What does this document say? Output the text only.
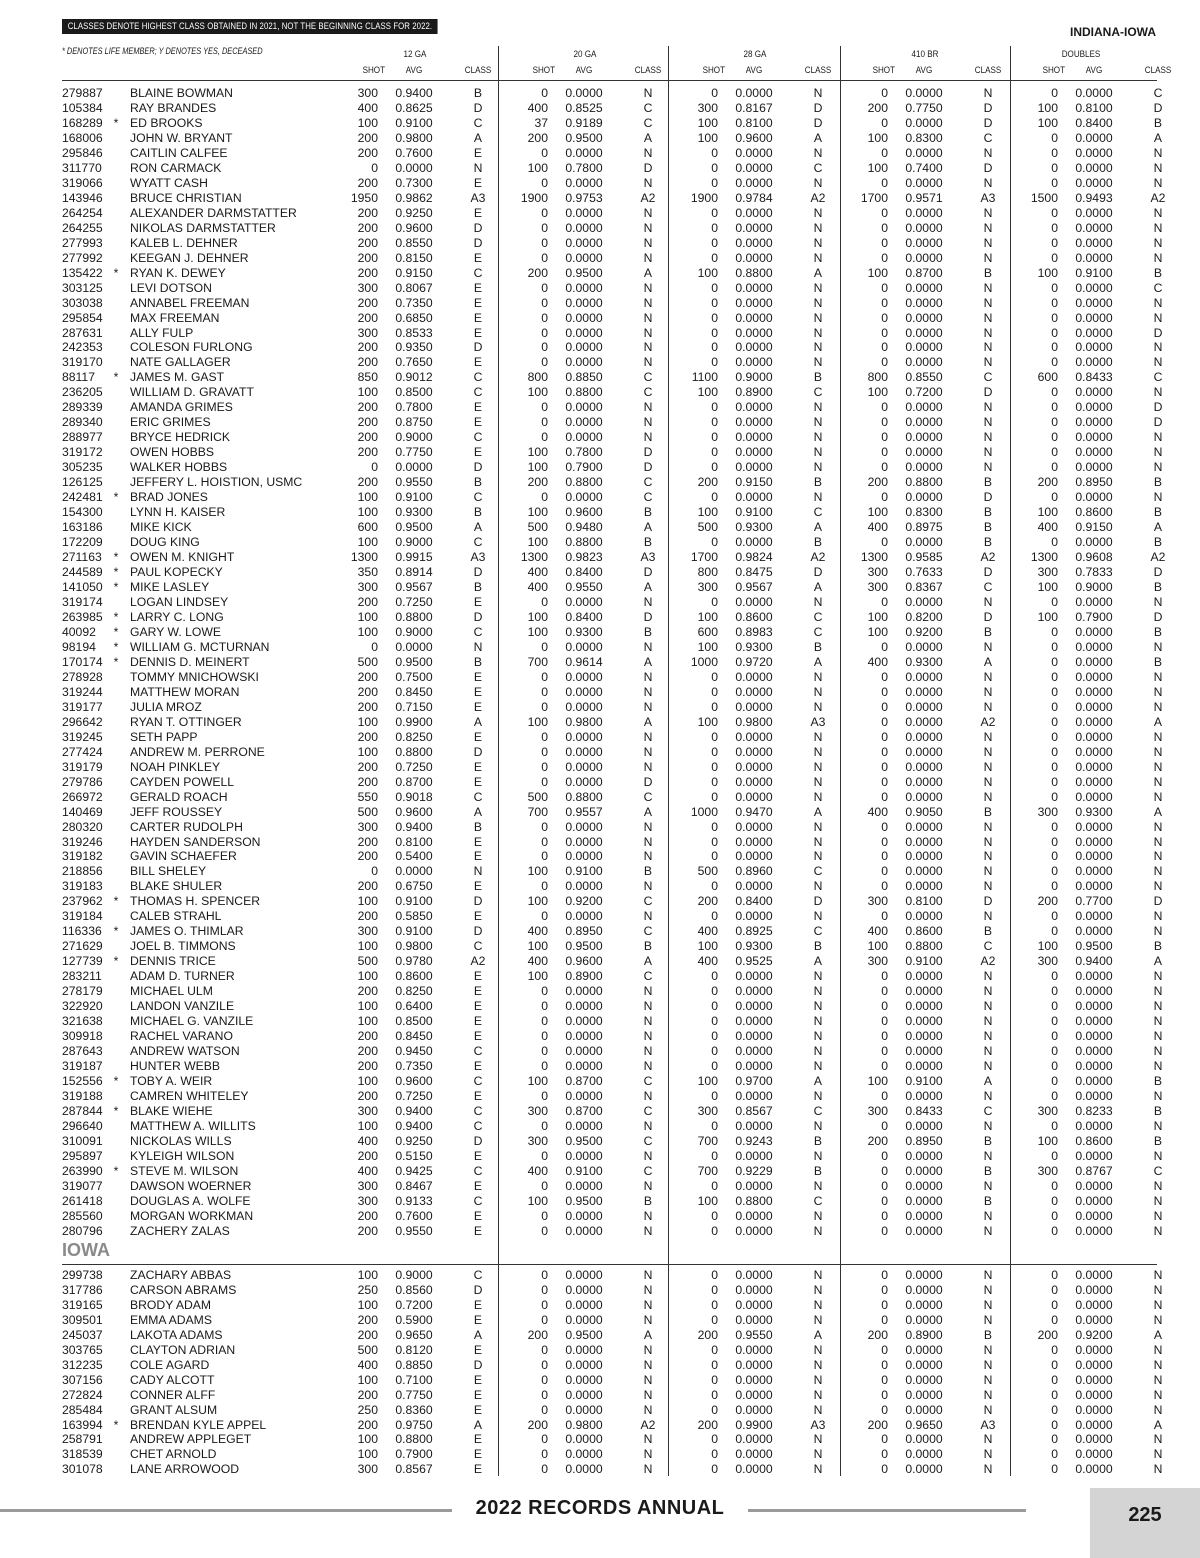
CLASSES DENOTE HIGHEST CLASS OBTAINED IN 2021, NOT THE BEGINNING CLASS FOR 2022.	INDIANA-IOWA
* DENOTES LIFE MEMBER; Y DENOTES YES, DECEASED	12 GA
SHOT	AVG	CLASS
20 GA
SHOT	AVG	CLASS
28 GA
SHOT	AVG	CLASS
410 BR
SHOT	AVG	CLASS
DOUBLES
SHOT	AVG	CLASS
279887 BLAINE BOWMAN	300	0.9400	B	0	0.0000	N	0	0.0000	N	0	0.0000	N	0	0.0000	C
105384 RAY BRANDES	400	0.8625	D	400	0.8525	C	300	0.8167	D	200	0.7750	D	100	0.8100	D
168289 * ED BROOKS	100	0.9100	C	37	0.9189	C	100	0.8100	D	0	0.0000	D	100	0.8400	B
168006 JOHN W. BRYANT	200	0.9800	A	200	0.9500	A	100	0.9600	A	100	0.8300	C	0	0.0000	A
295846 CAITLIN CALFEE	200	0.7600	E	0	0.0000	N	0	0.0000	N	0	0.0000	N	0	0.0000	N
311770 RON CARMACK	0	0.0000	N	100	0.7800	D	0	0.0000	C	100	0.7400	D	0	0.0000	N
319066 WYATT CASH	200	0.7300	E	0	0.0000	N	0	0.0000	N	0	0.0000	N	0	0.0000	N
143946 BRUCE CHRISTIAN	1950	0.9862	A3	1900	0.9753	A2	1900	0.9784	A2	1700	0.9571	A3	1500	0.9493	A2
264254 ALEXANDER DARMSTATTER	200	0.9250	E	0	0.0000	N	0	0.0000	N	0	0.0000	N	0	0.0000	N
264255 NIKOLAS DARMSTATTER	200	0.9600	D	0	0.0000	N	0	0.0000	N	0	0.0000	N	0	0.0000	N
277993 KALEB L. DEHNER	200	0.8550	D	0	0.0000	N	0	0.0000	N	0	0.0000	N	0	0.0000	N
277992 KEEGAN J. DEHNER	200	0.8150	E	0	0.0000	N	0	0.0000	N	0	0.0000	N	0	0.0000	N
135422 * RYAN K. DEWEY	200	0.9150	C	200	0.9500	A	100	0.8800	A	100	0.8700	B	100	0.9100	B
303125 LEVI DOTSON	300	0.8067	E	0	0.0000	N	0	0.0000	N	0	0.0000	N	0	0.0000	C
303038 ANNABEL FREEMAN	200	0.7350	E	0	0.0000	N	0	0.0000	N	0	0.0000	N	0	0.0000	N
295854 MAX FREEMAN	200	0.6850	E	0	0.0000	N	0	0.0000	N	0	0.0000	N	0	0.0000	N
287631 ALLY FULP	300	0.8533	E	0	0.0000	N	0	0.0000	N	0	0.0000	N	0	0.0000	D
242353 COLESON FURLONG	200	0.9350	D	0	0.0000	N	0	0.0000	N	0	0.0000	N	0	0.0000	N
319170 NATE GALLAGER	200	0.7650	E	0	0.0000	N	0	0.0000	N	0	0.0000	N	0	0.0000	N
88117 * JAMES M. GAST	850	0.9012	C	800	0.8850	C	1100	0.9000	B	800	0.8550	C	600	0.8433	C
236205 WILLIAM D. GRAVATT	100	0.8500	C	100	0.8800	C	100	0.8900	C	100	0.7200	D	0	0.0000	N
289339 AMANDA GRIMES	200	0.7800	E	0	0.0000	N	0	0.0000	N	0	0.0000	N	0	0.0000	D
289340 ERIC GRIMES	200	0.8750	E	0	0.0000	N	0	0.0000	N	0	0.0000	N	0	0.0000	D
288977 BRYCE HEDRICK	200	0.9000	C	0	0.0000	N	0	0.0000	N	0	0.0000	N	0	0.0000	N
319172 OWEN HOBBS	200	0.7750	E	100	0.7800	D	0	0.0000	N	0	0.0000	N	0	0.0000	N
305235 WALKER HOBBS	0	0.0000	D	100	0.7900	D	0	0.0000	N	0	0.0000	N	0	0.0000	N
126125 JEFFERY L. HOISTION, USMC	200	0.9550	B	200	0.8800	C	200	0.9150	B	200	0.8800	B	200	0.8950	B
242481 * BRAD JONES	100	0.9100	C	0	0.0000	C	0	0.0000	N	0	0.0000	D	0	0.0000	N
154300 LYNN H. KAISER	100	0.9300	B	100	0.9600	B	100	0.9100	C	100	0.8300	B	100	0.8600	B
163186 MIKE KICK	600	0.9500	A	500	0.9480	A	500	0.9300	A	400	0.8975	B	400	0.9150	A
172209 DOUG KING	100	0.9000	C	100	0.8800	B	0	0.0000	B	0	0.0000	B	0	0.0000	B
271163 * OWEN M. KNIGHT	1300	0.9915	A3	1300	0.9823	A3	1700	0.9824	A2	1300	0.9585	A2	1300	0.9608	A2
244589 * PAUL KOPECKY	350	0.8914	D	400	0.8400	D	800	0.8475	D	300	0.7633	D	300	0.7833	D
141050 * MIKE LASLEY	300	0.9567	B	400	0.9550	A	300	0.9567	A	300	0.8367	C	100	0.9000	B
319174 LOGAN LINDSEY	200	0.7250	E	0	0.0000	N	0	0.0000	N	0	0.0000	N	0	0.0000	N
263985 * LARRY C. LONG	100	0.8800	D	100	0.8400	D	100	0.8600	C	100	0.8200	D	100	0.7900	D
40092 * GARY W. LOWE	100	0.9000	C	100	0.9300	B	600	0.8983	C	100	0.9200	B	0	0.0000	B
98194 * WILLIAM G. MCTURNAN	0	0.0000	N	0	0.0000	N	100	0.9300	B	0	0.0000	N	0	0.0000	N
170174 * DENNIS D. MEINERT	500	0.9500	B	700	0.9614	A	1000	0.9720	A	400	0.9300	A	0	0.0000	B
278928 TOMMY MNICHOWSKI	200	0.7500	E	0	0.0000	N	0	0.0000	N	0	0.0000	N	0	0.0000	N
319244 MATTHEW MORAN	200	0.8450	E	0	0.0000	N	0	0.0000	N	0	0.0000	N	0	0.0000	N
319177 JULIA MROZ	200	0.7150	E	0	0.0000	N	0	0.0000	N	0	0.0000	N	0	0.0000	N
296642 RYAN T. OTTINGER	100	0.9900	A	100	0.9800	A	100	0.9800	A3	0	0.0000	A2	0	0.0000	A
319245 SETH PAPP	200	0.8250	E	0	0.0000	N	0	0.0000	N	0	0.0000	N	0	0.0000	N
277424 ANDREW M. PERRONE	100	0.8800	D	0	0.0000	N	0	0.0000	N	0	0.0000	N	0	0.0000	N
319179 NOAH PINKLEY	200	0.7250	E	0	0.0000	N	0	0.0000	N	0	0.0000	N	0	0.0000	N
279786 CAYDEN POWELL	200	0.8700	E	0	0.0000	D	0	0.0000	N	0	0.0000	N	0	0.0000	N
266972 GERALD ROACH	550	0.9018	C	500	0.8800	C	0	0.0000	N	0	0.0000	N	0	0.0000	N
140469 JEFF ROUSSEY	500	0.9600	A	700	0.9557	A	1000	0.9470	A	400	0.9050	B	300	0.9300	A
280320 CARTER RUDOLPH	300	0.9400	B	0	0.0000	N	0	0.0000	N	0	0.0000	N	0	0.0000	N
319246 HAYDEN SANDERSON	200	0.8100	E	0	0.0000	N	0	0.0000	N	0	0.0000	N	0	0.0000	N
319182 GAVIN SCHAEFER	200	0.5400	E	0	0.0000	N	0	0.0000	N	0	0.0000	N	0	0.0000	N
218856 BILL SHELEY	0	0.0000	N	100	0.9100	B	500	0.8960	C	0	0.0000	N	0	0.0000	N
319183 BLAKE SHULER	200	0.6750	E	0	0.0000	N	0	0.0000	N	0	0.0000	N	0	0.0000	N
237962 * THOMAS H. SPENCER	100	0.9100	D	100	0.9200	C	200	0.8400	D	300	0.8100	D	200	0.7700	D
319184 CALEB STRAHL	200	0.5850	E	0	0.0000	N	0	0.0000	N	0	0.0000	N	0	0.0000	N
116336 * JAMES O. THIMLAR	300	0.9100	D	400	0.8950	C	400	0.8925	C	400	0.8600	B	0	0.0000	N
271629 JOEL B. TIMMONS	100	0.9800	C	100	0.9500	B	100	0.9300	B	100	0.8800	C	100	0.9500	B
127739 * DENNIS TRICE	500	0.9780	A2	400	0.9600	A	400	0.9525	A	300	0.9100	A2	300	0.9400	A
283211 ADAM D. TURNER	100	0.8600	E	100	0.8900	C	0	0.0000	N	0	0.0000	N	0	0.0000	N
278179 MICHAEL ULM	200	0.8250	E	0	0.0000	N	0	0.0000	N	0	0.0000	N	0	0.0000	N
322920 LANDON VANZILE	100	0.6400	E	0	0.0000	N	0	0.0000	N	0	0.0000	N	0	0.0000	N
321638 MICHAEL G. VANZILE	100	0.8500	E	0	0.0000	N	0	0.0000	N	0	0.0000	N	0	0.0000	N
309918 RACHEL VARANO	200	0.8450	E	0	0.0000	N	0	0.0000	N	0	0.0000	N	0	0.0000	N
287643 ANDREW WATSON	200	0.9450	C	0	0.0000	N	0	0.0000	N	0	0.0000	N	0	0.0000	N
319187 HUNTER WEBB	200	0.7350	E	0	0.0000	N	0	0.0000	N	0	0.0000	N	0	0.0000	N
152556 * TOBY A. WEIR	100	0.9600	C	100	0.8700	C	100	0.9700	A	100	0.9100	A	0	0.0000	B
319188 CAMREN WHITELEY	200	0.7250	E	0	0.0000	N	0	0.0000	N	0	0.0000	N	0	0.0000	N
287844 * BLAKE WIEHE	300	0.9400	C	300	0.8700	C	300	0.8567	C	300	0.8433	C	300	0.8233	B
296640 MATTHEW A. WILLITS	100	0.9400	C	0	0.0000	N	0	0.0000	N	0	0.0000	N	0	0.0000	N
310091 NICKOLAS WILLS	400	0.9250	D	300	0.9500	C	700	0.9243	B	200	0.8950	B	100	0.8600	B
295897 KYLEIGH WILSON	200	0.5150	E	0	0.0000	N	0	0.0000	N	0	0.0000	N	0	0.0000	N
263990 * STEVE M. WILSON	400	0.9425	C	400	0.9100	C	700	0.9229	B	0	0.0000	B	300	0.8767	C
319077 DAWSON WOERNER	300	0.8467	E	0	0.0000	N	0	0.0000	N	0	0.0000	N	0	0.0000	N
261418 DOUGLAS A. WOLFE	300	0.9133	C	100	0.9500	B	100	0.8800	C	0	0.0000	B	0	0.0000	N
285560 MORGAN WORKMAN	200	0.7600	E	0	0.0000	N	0	0.0000	N	0	0.0000	N	0	0.0000	N
280796 ZACHERY ZALAS	200	0.9550	E	0	0.0000	N	0	0.0000	N	0	0.0000	N	0	0.0000	N
IOWA
299738 ZACHARY ABBAS	100	0.9000	C	0	0.0000	N	0	0.0000	N	0	0.0000	N	0	0.0000	N
317786 CARSON ABRAMS	250	0.8560	D	0	0.0000	N	0	0.0000	N	0	0.0000	N	0	0.0000	N
319165 BRODY ADAM	100	0.7200	E	0	0.0000	N	0	0.0000	N	0	0.0000	N	0	0.0000	N
309501 EMMA ADAMS	200	0.5900	E	0	0.0000	N	0	0.0000	N	0	0.0000	N	0	0.0000	N
245037 LAKOTA ADAMS	200	0.9650	A	200	0.9500	A	200	0.9550	A	200	0.8900	B	200	0.9200	A
303765 CLAYTON ADRIAN	500	0.8120	E	0	0.0000	N	0	0.0000	N	0	0.0000	N	0	0.0000	N
312235 COLE AGARD	400	0.8850	D	0	0.0000	N	0	0.0000	N	0	0.0000	N	0	0.0000	N
307156 CADY ALCOTT	100	0.7100	E	0	0.0000	N	0	0.0000	N	0	0.0000	N	0	0.0000	N
272824 CONNER ALFF	200	0.7750	E	0	0.0000	N	0	0.0000	N	0	0.0000	N	0	0.0000	N
285484 GRANT ALSUM	250	0.8360	E	0	0.0000	N	0	0.0000	N	0	0.0000	N	0	0.0000	N
163994 * BRENDAN KYLE APPEL	200	0.9750	A	200	0.9800	A2	200	0.9900	A3	200	0.9650	A3	0	0.0000	A
258791 ANDREW APPLEGET	100	0.8800	E	0	0.0000	N	0	0.0000	N	0	0.0000	N	0	0.0000	N
318539 CHET ARNOLD	100	0.7900	E	0	0.0000	N	0	0.0000	N	0	0.0000	N	0	0.0000	N
301078 LANE ARROWOOD	300	0.8567	E	0	0.0000	N	0	0.0000	N	0	0.0000	N	0	0.0000	N
2022 RECORDS ANNUAL	225
